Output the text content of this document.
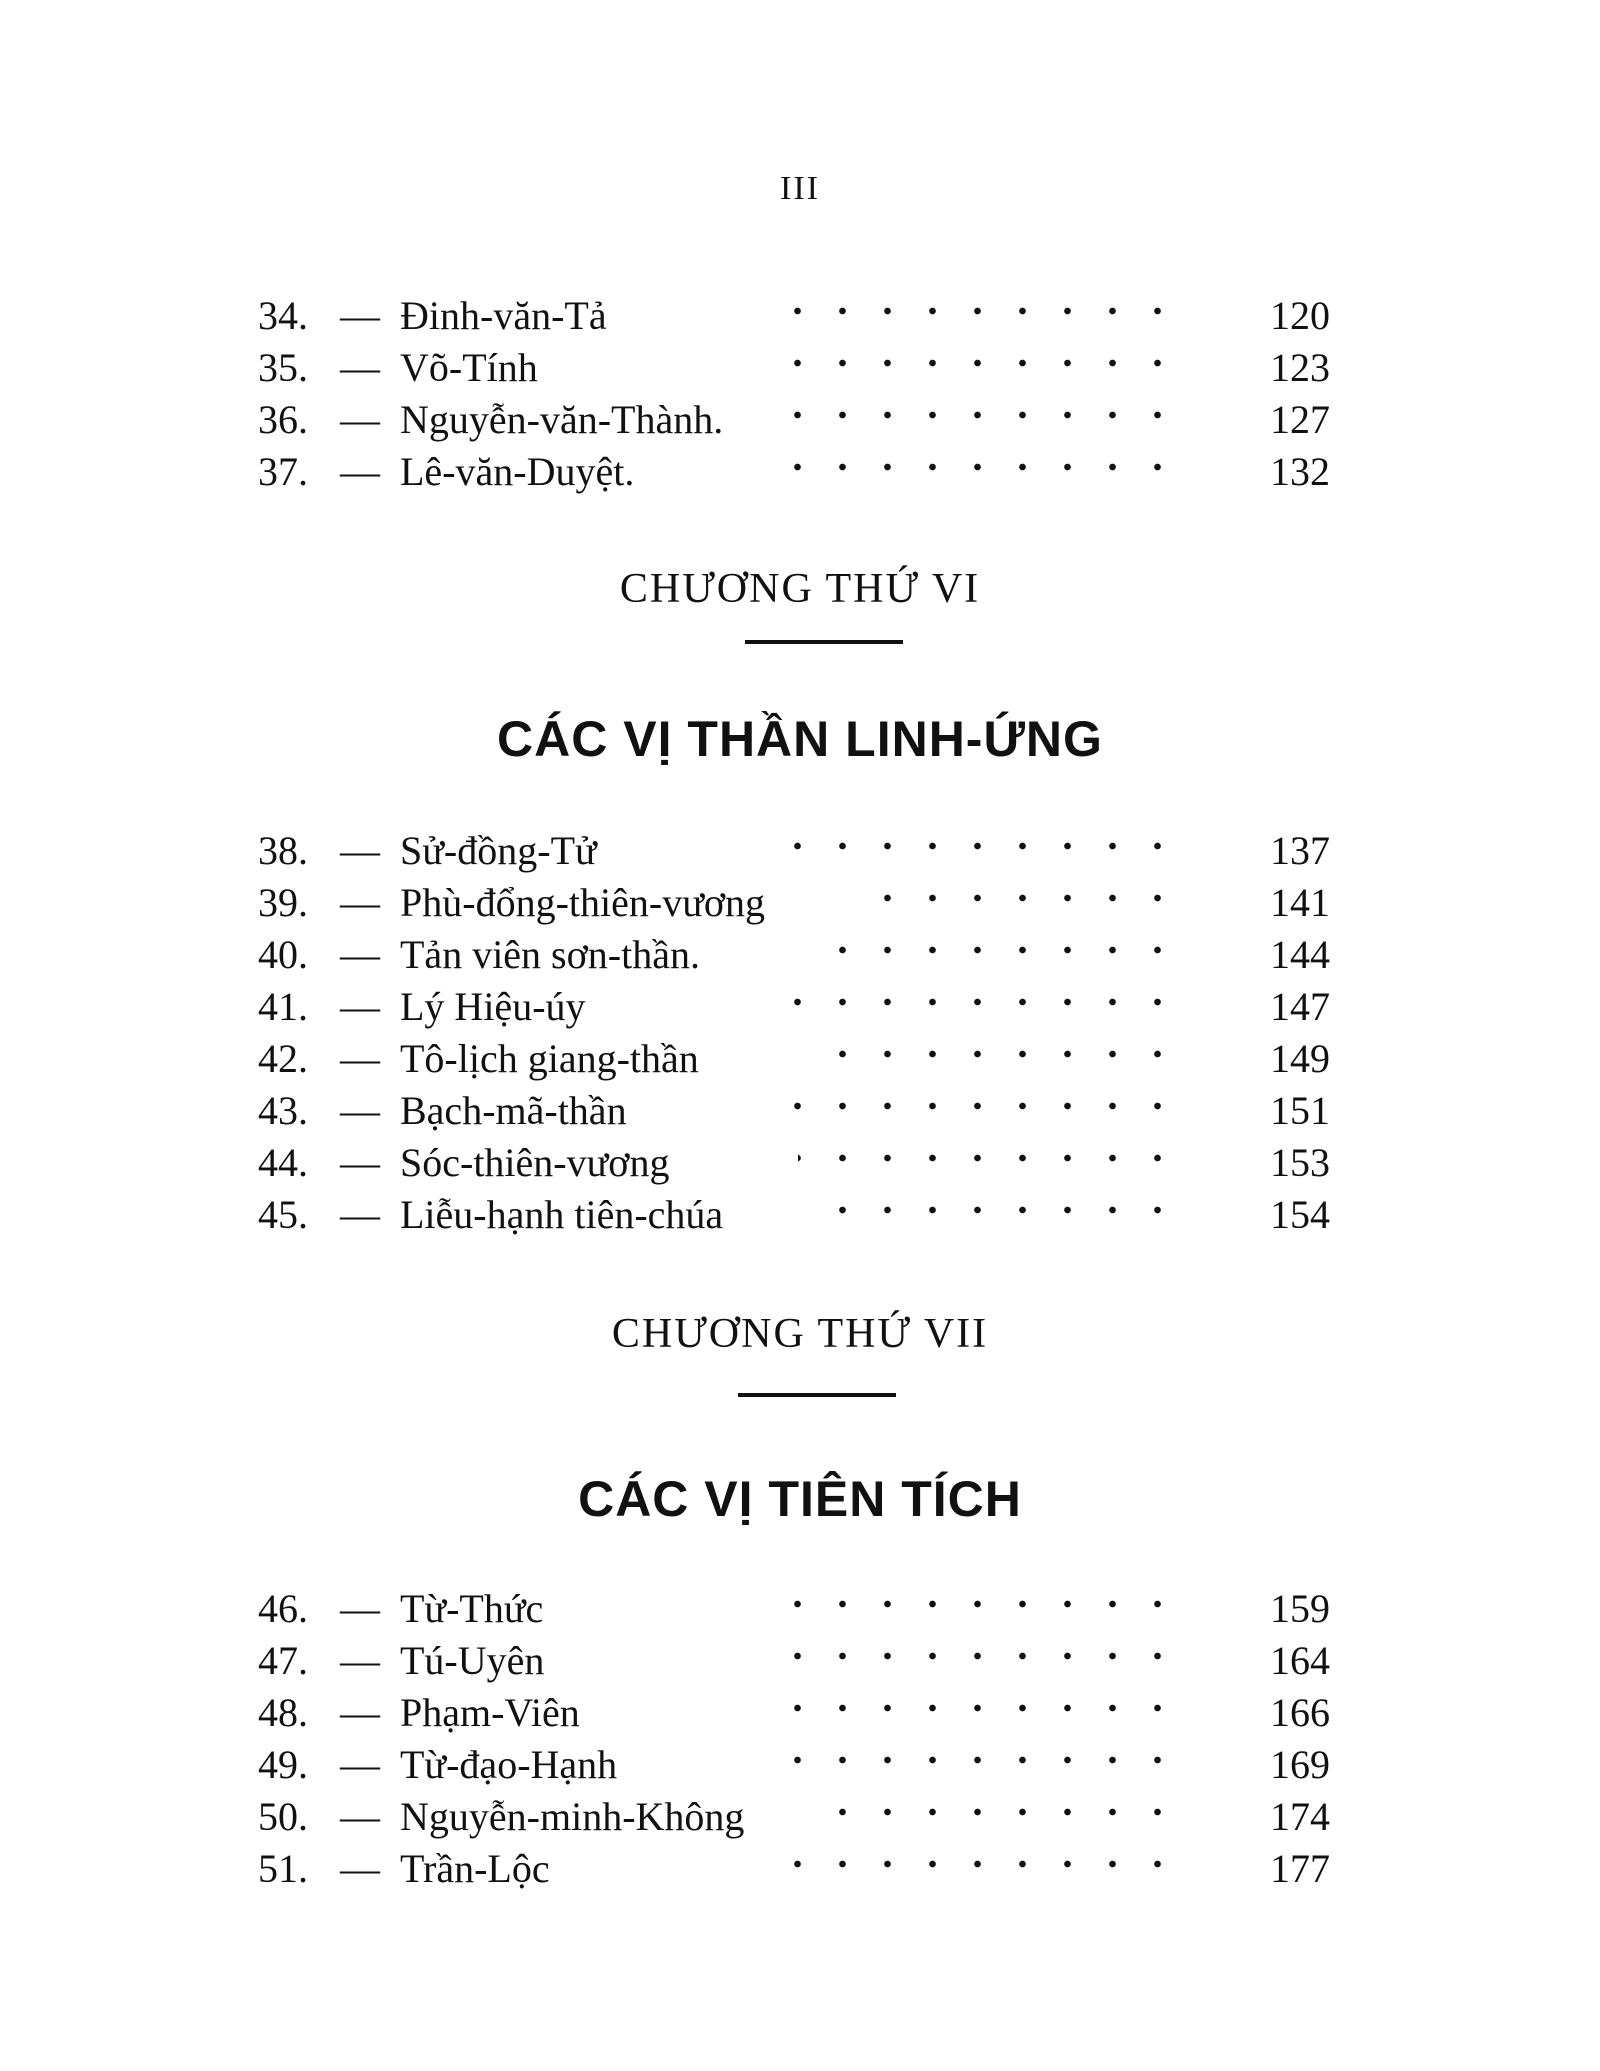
III
34. — Đinh-văn-Tả	120
35. — Võ-Tính	123
36. — Nguyễn-văn-Thành.	127
37. — Lê-văn-Duyệt.	132
CHƯƠNG THỨ VI
CÁC VỊ THẦN LINH-ỨNG
38. — Sử-đồng-Tử	137
39. — Phù-đổng-thiên-vương	141
40. — Tản viên sơn-thần.	144
41. — Lý Hiệu-úy	147
42. — Tô-lịch giang-thần	149
43. — Bạch-mã-thần	151
44. — Sóc-thiên-vương	153
45. — Liễu-hạnh tiên-chúa	154
CHƯƠNG THỨ VII
CÁC VỊ TIÊN TÍCH
46. — Từ-Thức	159
47. — Tú-Uyên	164
48. — Phạm-Viên	166
49. — Từ-đạo-Hạnh	169
50. — Nguyễn-minh-Không	174
51. — Trần-Lộc	177
